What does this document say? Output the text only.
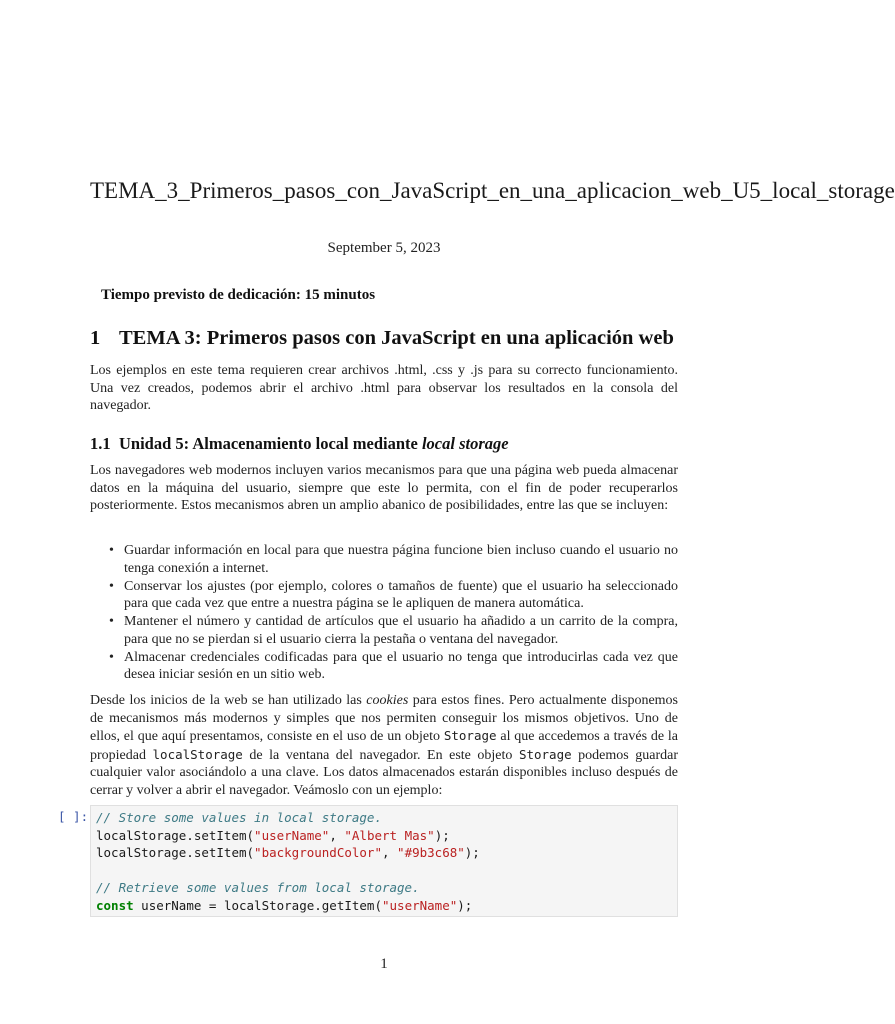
TEMA_3_Primeros_pasos_con_JavaScript_en_una_aplicacion_web_U5_local_storage
September 5, 2023
Tiempo previsto de dedicación: 15 minutos
1 TEMA 3: Primeros pasos con JavaScript en una aplicación web
Los ejemplos en este tema requieren crear archivos .html, .css y .js para su correcto funcionamiento. Una vez creados, podemos abrir el archivo .html para observar los resultados en la consola del navegador.
1.1 Unidad 5: Almacenamiento local mediante local storage
Los navegadores web modernos incluyen varios mecanismos para que una página web pueda almacenar datos en la máquina del usuario, siempre que este lo permita, con el fin de poder recuperarlos posteriormente. Estos mecanismos abren un amplio abanico de posibilidades, entre las que se incluyen:
• Guardar información en local para que nuestra página funcione bien incluso cuando el usuario no tenga conexión a internet.
• Conservar los ajustes (por ejemplo, colores o tamaños de fuente) que el usuario ha seleccionado para que cada vez que entre a nuestra página se le apliquen de manera automática.
• Mantener el número y cantidad de artículos que el usuario ha añadido a un carrito de la compra, para que no se pierdan si el usuario cierra la pestaña o ventana del navegador.
• Almacenar credenciales codificadas para que el usuario no tenga que introducirlas cada vez que desea iniciar sesión en un sitio web.
Desde los inicios de la web se han utilizado las cookies para estos fines. Pero actualmente disponemos de mecanismos más modernos y simples que nos permiten conseguir los mismos objetivos. Uno de ellos, el que aquí presentamos, consiste en el uso de un objeto Storage al que accedemos a través de la propiedad localStorage de la ventana del navegador. En este objeto Storage podemos guardar cualquier valor asociándolo a una clave. Los datos almacenados estarán disponibles incluso después de cerrar y volver a abrir el navegador. Veámoslo con un ejemplo:
[ ]: // Store some values in local storage.
localStorage.setItem("userName", "Albert Mas");
localStorage.setItem("backgroundColor", "#9b3c68");

// Retrieve some values from local storage.
const userName = localStorage.getItem("userName");
1
